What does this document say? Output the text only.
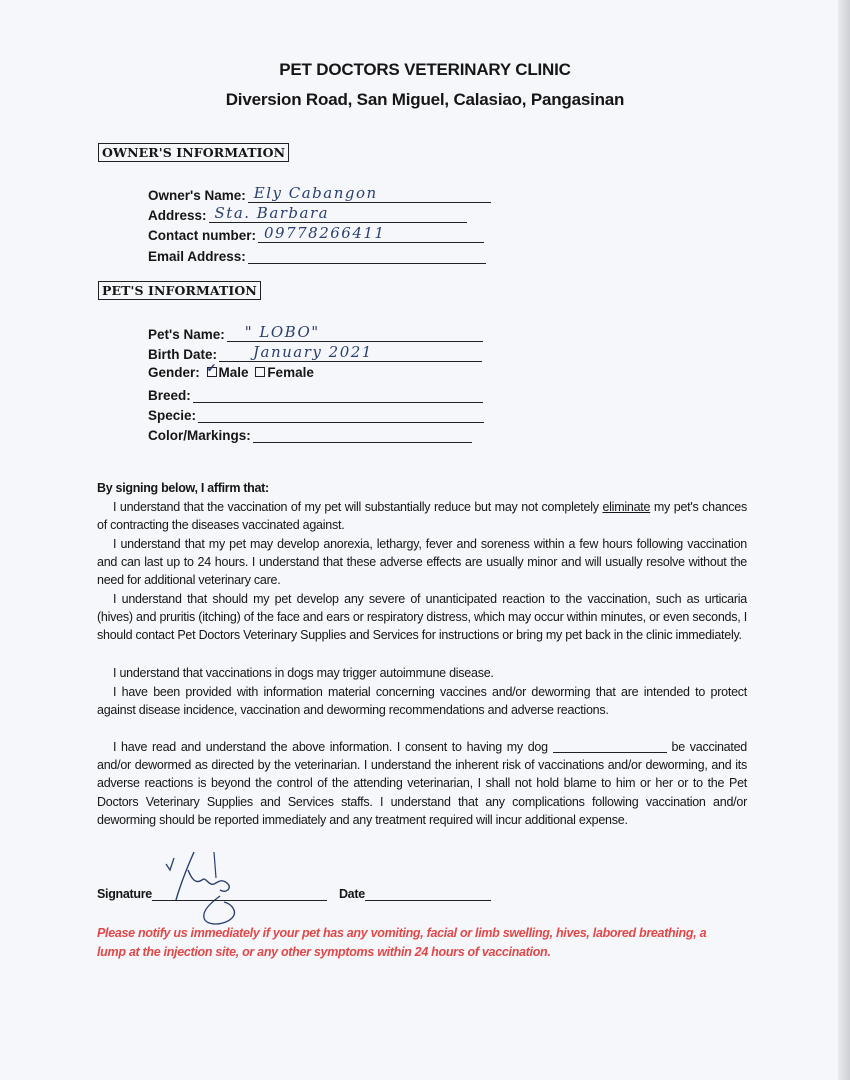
PET DOCTORS VETERINARY CLINIC
Diversion Road, San Miguel, Calasiao, Pangasinan
OWNER'S INFORMATION
Owner's Name: Ely Cabangon
Address: Sta. Barbara
Contact number: 09778266411
Email Address:
PET'S INFORMATION
Pet's Name: " LOBO"
Birth Date: January 2021
Gender: ✓ Male Female
Breed:
Specie:
Color/Markings:
By signing below, I affirm that:
I understand that the vaccination of my pet will substantially reduce but may not completely eliminate my pet's chances of contracting the diseases vaccinated against.
I understand that my pet may develop anorexia, lethargy, fever and soreness within a few hours following vaccination and can last up to 24 hours. I understand that these adverse effects are usually minor and will usually resolve without the need for additional veterinary care.
I understand that should my pet develop any severe of unanticipated reaction to the vaccination, such as urticaria (hives) and pruritis (itching) of the face and ears or respiratory distress, which may occur within minutes, or even seconds, I should contact Pet Doctors Veterinary Supplies and Services for instructions or bring my pet back in the clinic immediately.
I understand that vaccinations in dogs may trigger autoimmune disease.
I have been provided with information material concerning vaccines and/or deworming that are intended to protect against disease incidence, vaccination and deworming recommendations and adverse reactions.
I have read and understand the above information. I consent to having my dog	be vaccinated and/or dewormed as directed by the veterinarian. I understand the inherent risk of vaccinations and/or deworming, and its adverse reactions is beyond the control of the attending veterinarian, I shall not hold blame to him or her or to the Pet Doctors Veterinary Supplies and Services staffs. I understand that any complications following vaccination and/or deworming should be reported immediately and any treatment required will incur additional expense.
Signature	Date
Please notify us immediately if your pet has any vomiting, facial or limb swelling, hives, labored breathing, a lump at the injection site, or any other symptoms within 24 hours of vaccination.
